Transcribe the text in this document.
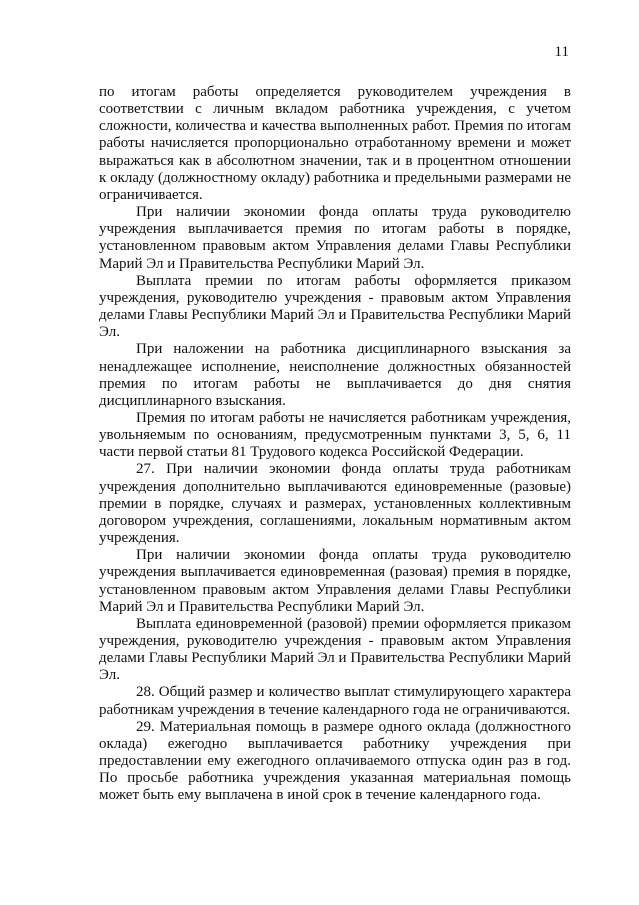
11

по итогам работы определяется руководителем учреждения в соответствии с личным вкладом работника учреждения, с учетом сложности, количества и качества выполненных работ. Премия по итогам работы начисляется пропорционально отработанному времени и может выражаться как в абсолютном значении, так и в процентном отношении к окладу (должностному окладу) работника и предельными размерами не ограничивается.

При наличии экономии фонда оплаты труда руководителю учреждения выплачивается премия по итогам работы в порядке, установленном правовым актом Управления делами Главы Республики Марий Эл и Правительства Республики Марий Эл.

Выплата премии по итогам работы оформляется приказом учреждения, руководителю учреждения - правовым актом Управления делами Главы Республики Марий Эл и Правительства Республики Марий Эл.

При наложении на работника дисциплинарного взыскания за ненадлежащее исполнение, неисполнение должностных обязанностей премия по итогам работы не выплачивается до дня снятия дисциплинарного взыскания.

Премия по итогам работы не начисляется работникам учреждения, увольняемым по основаниям, предусмотренным пунктами 3, 5, 6, 11 части первой статьи 81 Трудового кодекса Российской Федерации.

27. При наличии экономии фонда оплаты труда работникам учреждения дополнительно выплачиваются единовременные (разовые) премии в порядке, случаях и размерах, установленных коллективным договором учреждения, соглашениями, локальным нормативным актом учреждения.

При наличии экономии фонда оплаты труда руководителю учреждения выплачивается единовременная (разовая) премия в порядке, установленном правовым актом Управления делами Главы Республики Марий Эл и Правительства Республики Марий Эл.

Выплата единовременной (разовой) премии оформляется приказом учреждения, руководителю учреждения - правовым актом Управления делами Главы Республики Марий Эл и Правительства Республики Марий Эл.

28. Общий размер и количество выплат стимулирующего характера работникам учреждения в течение календарного года не ограничиваются.

29. Материальная помощь в размере одного оклада (должностного оклада) ежегодно выплачивается работнику учреждения при предоставлении ему ежегодного оплачиваемого отпуска один раз в год. По просьбе работника учреждения указанная материальная помощь может быть ему выплачена в иной срок в течение календарного года.
